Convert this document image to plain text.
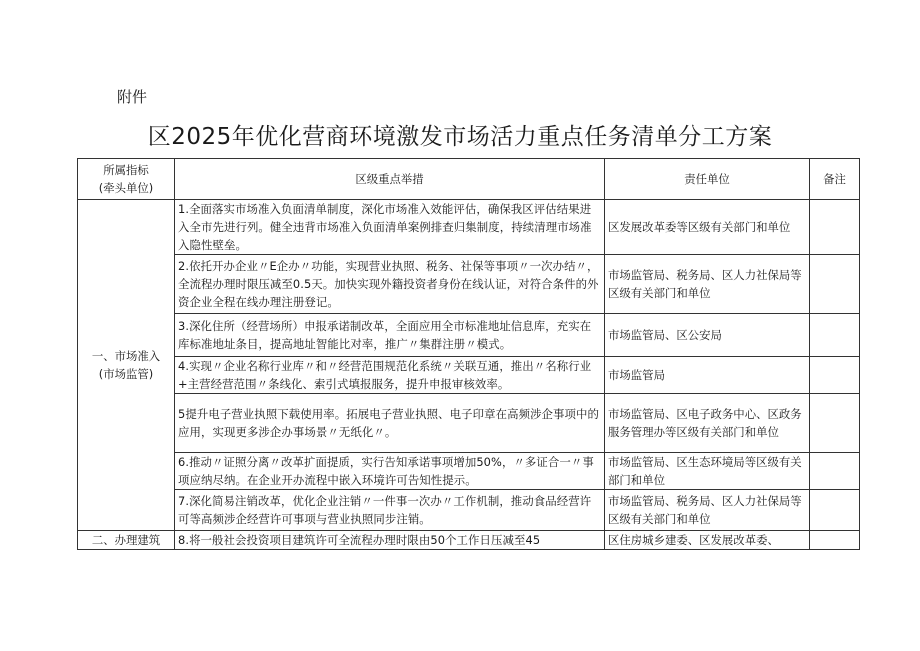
附件
区2025年优化营商环境激发市场活力重点任务清单分工方案
所属指标
(牵头单位)	区级重点举措	责任单位	备注

一、市场准入
(市场监管)	1.全面落实市场准入负面清单制度，深化市场准入效能评估，确保我区评估结果进入全市先进行列。健全违背市场准入负面清单案例排查归集制度，持续清理市场准入隐性壁垒。	区发展改革委等区级有关部门和单位	
	2.依托开办企业〃E企办〃功能，实现营业执照、税务、社保等事项〃一次办结〃，全流程办理时限压减至0.5天。加快实现外籍投资者身份在线认证，对符合条件的外资企业全程在线办理注册登记。	市场监管局、税务局、区人力社保局等区级有关部门和单位	
	3.深化住所（经营场所）申报承诺制改革，全面应用全市标准地址信息库，充实在库标准地址条目，提高地址智能比对率，推广〃集群注册〃模式。	市场监管局、区公安局	
	4.实现〃企业名称行业库〃和〃经营范围规范化系统〃关联互通，推出〃名称行业+主营经营范围〃条线化、索引式填报服务，提升申报审核效率。	市场监管局	
	5提升电子营业执照下载使用率。拓展电子营业执照、电子印章在高频涉企事项中的应用，实现更多涉企办事场景〃无纸化〃。	市场监管局、区电子政务中心、区政务服务管理办等区级有关部门和单位	
	6.推动〃证照分离〃改革扩面提质，实行告知承诺事项增加50%，〃多证合一〃事项应纳尽纳。在企业开办流程中嵌入环境许可告知性提示。	市场监管局、区生态环境局等区级有关部门和单位	
	7.深化简易注销改革，优化企业注销〃一件事一次办〃工作机制，推动食品经营许可等高频涉企经营许可事项与营业执照同步注销。	市场监管局、税务局、区人力社保局等区级有关部门和单位	

二、办理建筑	8.将一般社会投资项目建筑许可全流程办理时限由50个工作日压减至45	区住房城乡建委、区发展改革委、	
